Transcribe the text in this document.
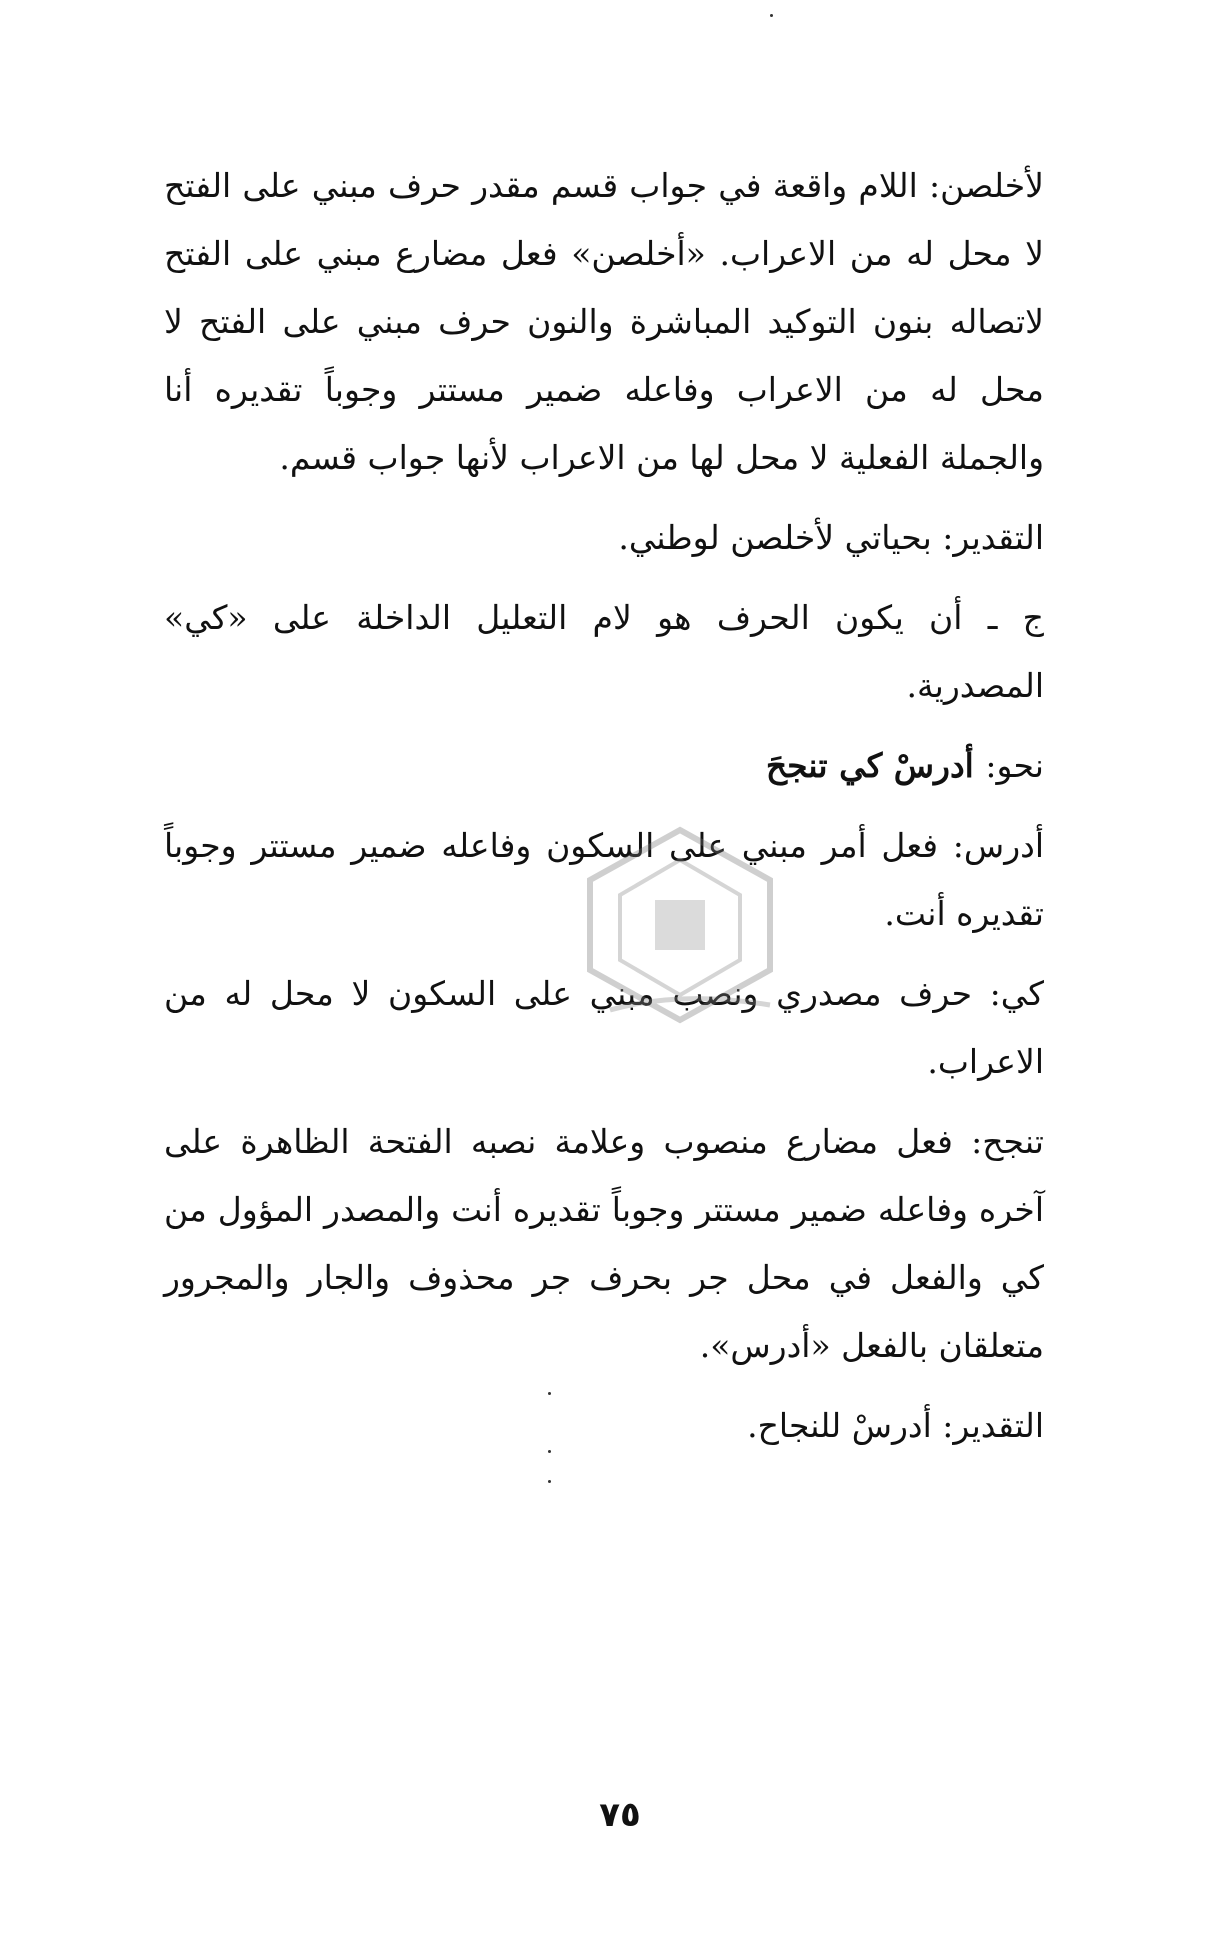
لأخلصن: اللام واقعة في جواب قسم مقدر حرف مبني على الفتح لا محل له من الاعراب. «أخلصن» فعل مضارع مبني على الفتح لاتصاله بنون التوكيد المباشرة والنون حرف مبني على الفتح لا محل له من الاعراب وفاعله ضمير مستتر وجوباً تقديره أنا والجملة الفعلية لا محل لها من الاعراب لأنها جواب قسم.

التقدير: بحياتي لأخلصن لوطني.

ج ـ أن يكون الحرف هو لام التعليل الداخلة على «كي» المصدرية.

نحو: أدرسْ كي تنجحَ

أدرس: فعل أمر مبني على السكون وفاعله ضمير مستتر وجوباً تقديره أنت.

كي: حرف مصدري ونصب مبني على السكون لا محل له من الاعراب.

تنجح: فعل مضارع منصوب وعلامة نصبه الفتحة الظاهرة على آخره وفاعله ضمير مستتر وجوباً تقديره أنت والمصدر المؤول من كي والفعل في محل جر بحرف جر محذوف والجار والمجرور متعلقان بالفعل «أدرس».

التقدير: أدرسْ للنجاح.

٧٥
